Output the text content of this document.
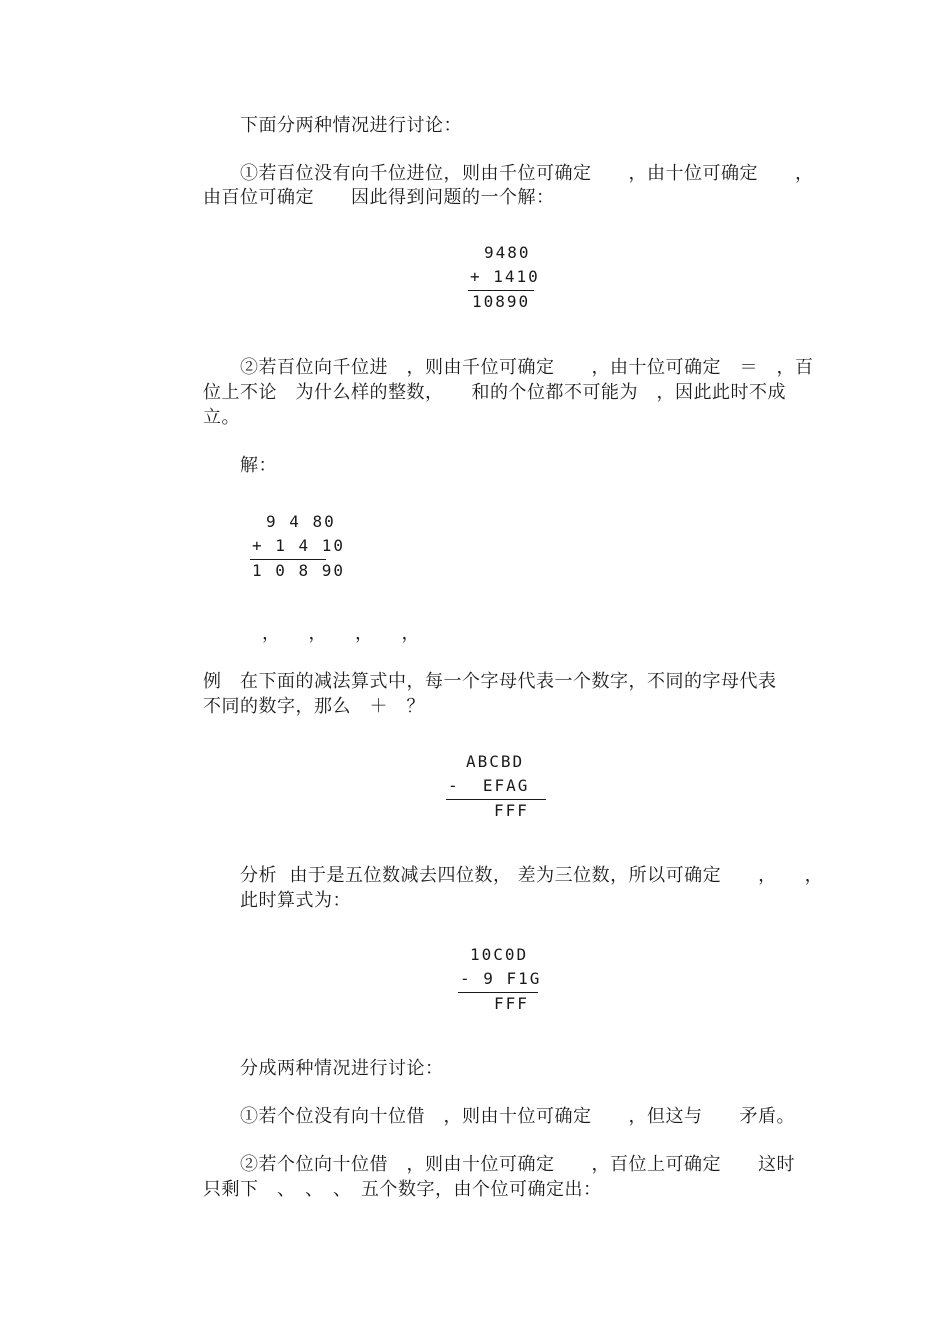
下面分两种情况进行讨论：
①若百位没有向千位进位，则由千位可确定　　，由十位可确定　　，
由百位可确定　　因此得到问题的一个解：
9480
+ 1410
10890
②若百位向千位进　，则由千位可确定　　，由十位可确定　＝　，百
位上不论　为什么样的整数，　　和的个位都不可能为　，因此此时不成
立。
解：
9 4 80
+ 1 4 10
1 0 8 90
，　　，　　，　　，
例　在下面的减法算式中，每一个字母代表一个数字，不同的字母代表
不同的数字，那么　＋　？
ABCBD
-  EFAG
FFF
分析  由于是五位数减去四位数， 差为三位数，所以可确定　　，　　，
此时算式为：
10C0D
- 9 F1G
FFF
分成两种情况进行讨论：
①若个位没有向十位借　，则由十位可确定　　，但这与　　矛盾。
②若个位向十位借　，则由十位可确定　　，百位上可确定　　这时
只剩下　、　、　、　五个数字，由个位可确定出：
